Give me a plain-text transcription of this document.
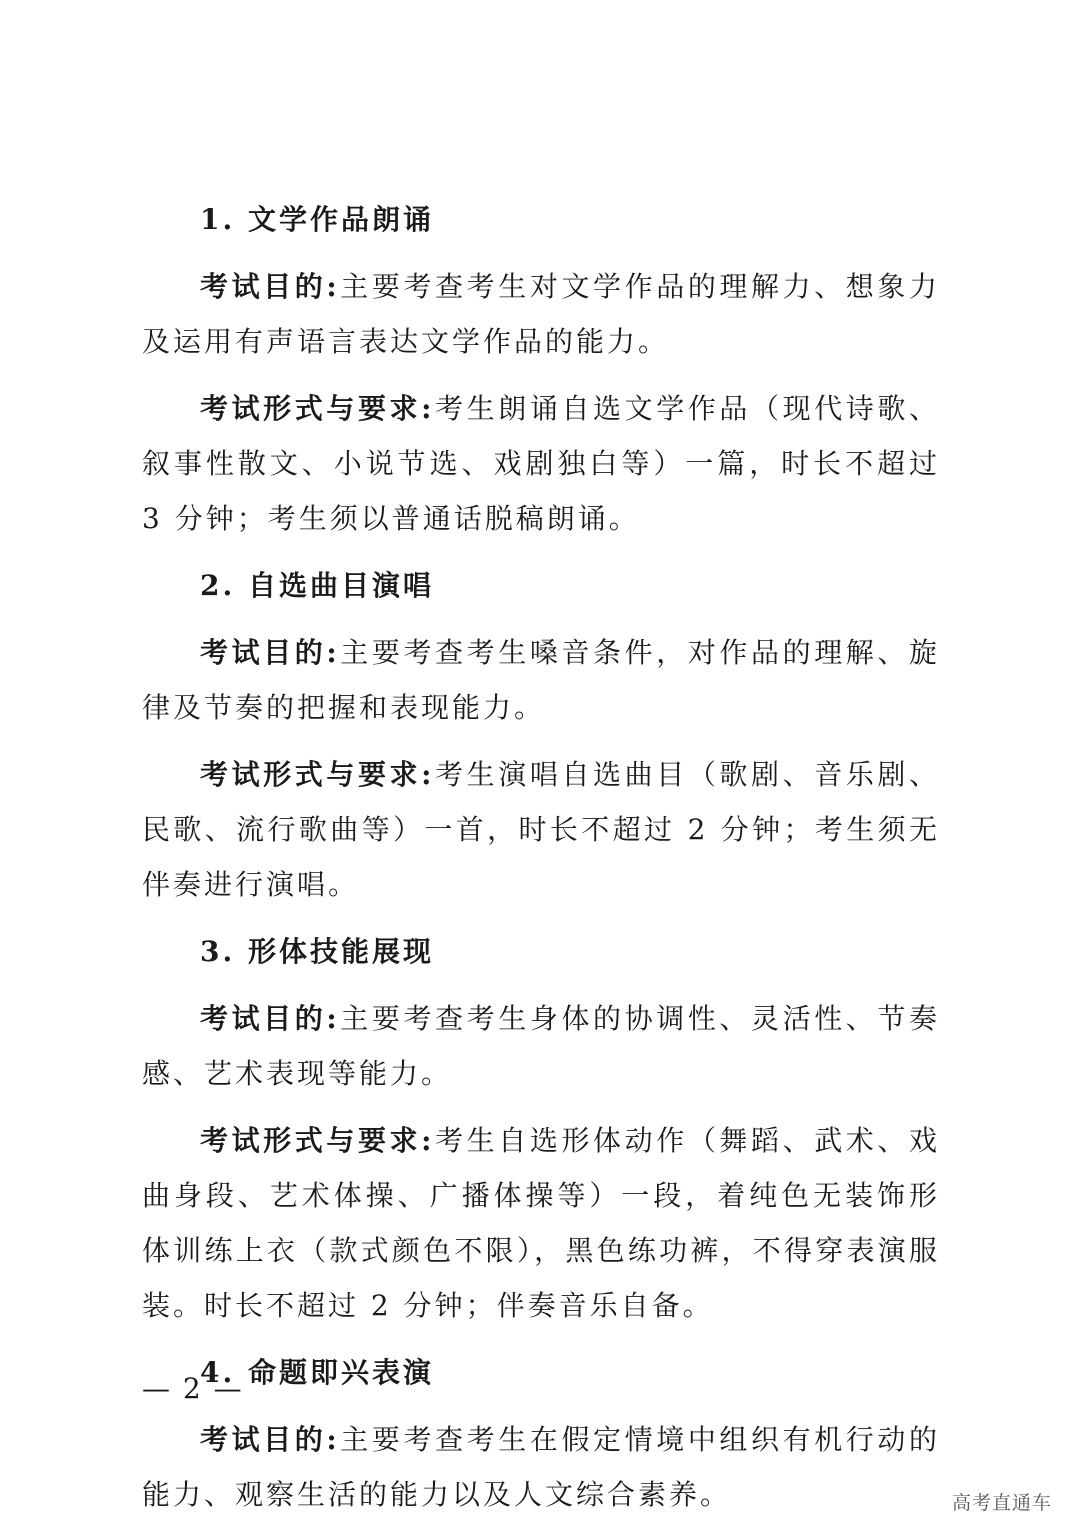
1. 文学作品朗诵

考试目的:主要考查考生对文学作品的理解力、想象力及运用有声语言表达文学作品的能力。

考试形式与要求:考生朗诵自选文学作品（现代诗歌、叙事性散文、小说节选、戏剧独白等）一篇，时长不超过 3 分钟；考生须以普通话脱稿朗诵。

2. 自选曲目演唱

考试目的:主要考查考生嗓音条件，对作品的理解、旋律及节奏的把握和表现能力。

考试形式与要求:考生演唱自选曲目（歌剧、音乐剧、民歌、流行歌曲等）一首，时长不超过 2 分钟；考生须无伴奏进行演唱。

3. 形体技能展现

考试目的:主要考查考生身体的协调性、灵活性、节奏感、艺术表现等能力。

考试形式与要求:考生自选形体动作（舞蹈、武术、戏曲身段、艺术体操、广播体操等）一段，着纯色无装饰形体训练上衣（款式颜色不限），黑色练功裤，不得穿表演服装。时长不超过 2 分钟；伴奏音乐自备。

4. 命题即兴表演

考试目的:主要考查考生在假定情境中组织有机行动的能力、观察生活的能力以及人文综合素养。

— 2 —
高考直通车
